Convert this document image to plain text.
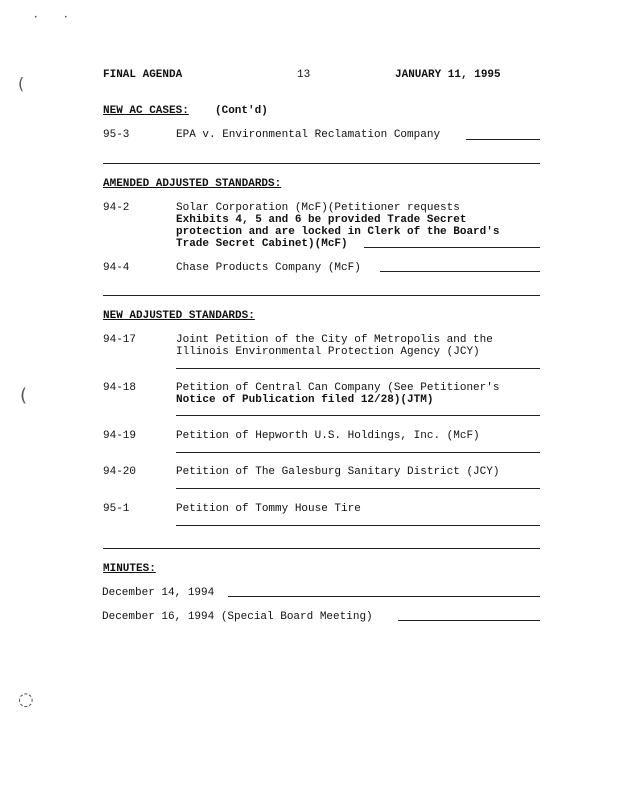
•	•
(
(
◌
FINAL AGENDA	13	JANUARY 11, 1995
NEW AC CASES: (Cont'd)
95-3	EPA v. Environmental Reclamation Company
AMENDED ADJUSTED STANDARDS:
94-2	Solar Corporation (McF)(Petitioner requests
Exhibits 4, 5 and 6 be provided Trade Secret
protection and are locked in Clerk of the Board's
Trade Secret Cabinet)(McF)
94-4	Chase Products Company (McF)
NEW ADJUSTED STANDARDS:
94-17	Joint Petition of the City of Metropolis and the
Illinois Environmental Protection Agency (JCY)
94-18	Petition of Central Can Company (See Petitioner's
Notice of Publication filed 12/28)(JTM)
94-19	Petition of Hepworth U.S. Holdings, Inc. (McF)
94-20	Petition of The Galesburg Sanitary District (JCY)
95-1	Petition of Tommy House Tire
MINUTES:
December 14, 1994
December 16, 1994 (Special Board Meeting)
